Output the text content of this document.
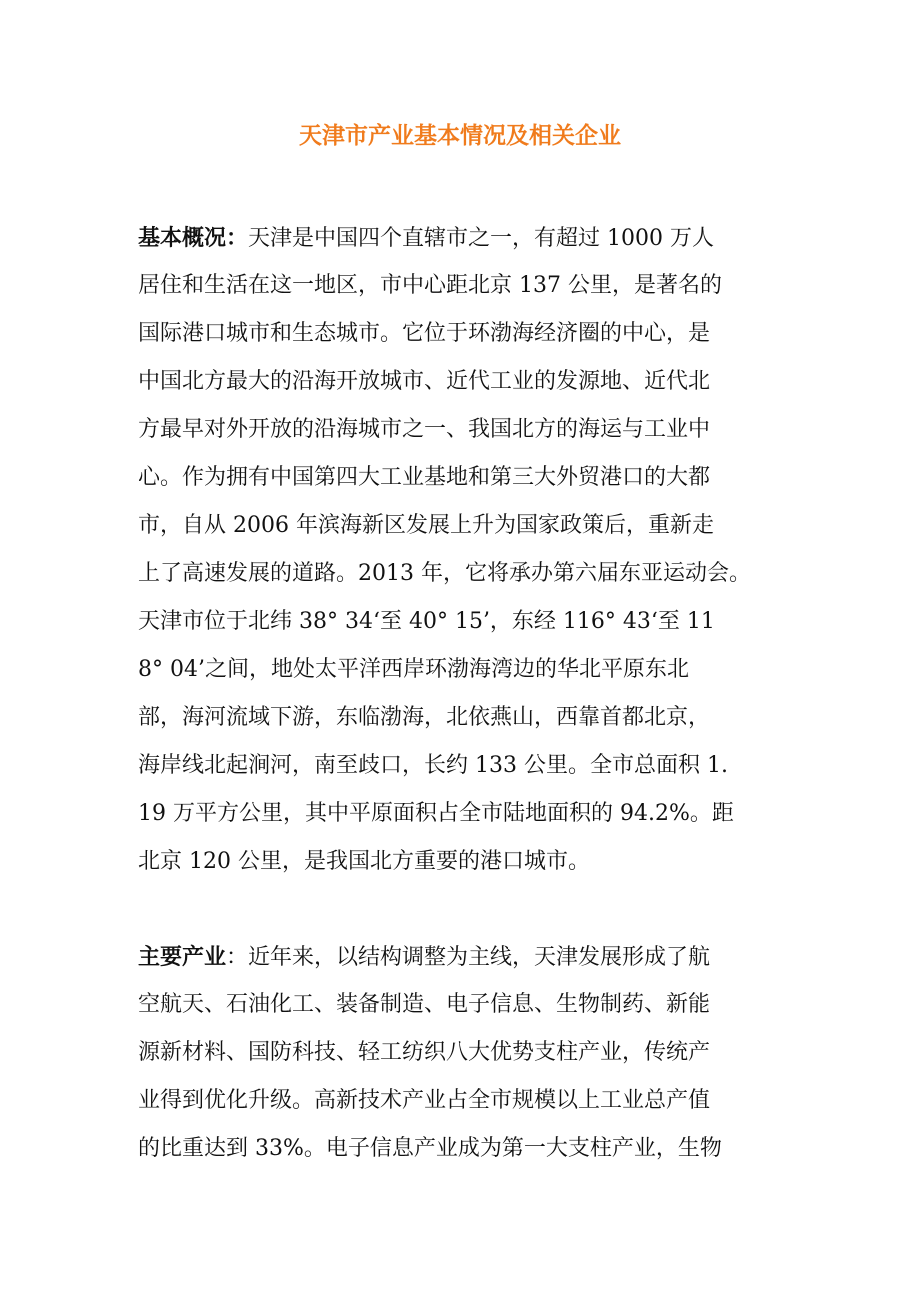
天津市产业基本情况及相关企业
基本概况：天津是中国四个直辖市之一，有超过 1000 万人
居住和生活在这一地区，市中心距北京 137 公里，是著名的
国际港口城市和生态城市。它位于环渤海经济圈的中心，是
中国北方最大的沿海开放城市、近代工业的发源地、近代北
方最早对外开放的沿海城市之一、我国北方的海运与工业中
心。作为拥有中国第四大工业基地和第三大外贸港口的大都
市，自从 2006 年滨海新区发展上升为国家政策后，重新走
上了高速发展的道路。2013 年，它将承办第六届东亚运动会。
天津市位于北纬 38° 34‘至 40° 15’，东经 116° 43‘至 11
8° 04’之间，地处太平洋西岸环渤海湾边的华北平原东北
部，海河流域下游，东临渤海，北依燕山，西靠首都北京，
海岸线北起涧河，南至歧口，长约 133 公里。全市总面积 1.
19 万平方公里，其中平原面积占全市陆地面积的 94.2%。距
北京 120 公里，是我国北方重要的港口城市。
主要产业：近年来，以结构调整为主线，天津发展形成了航
空航天、石油化工、装备制造、电子信息、生物制药、新能
源新材料、国防科技、轻工纺织八大优势支柱产业，传统产
业得到优化升级。高新技术产业占全市规模以上工业总产值
的比重达到 33%。电子信息产业成为第一大支柱产业，生物
